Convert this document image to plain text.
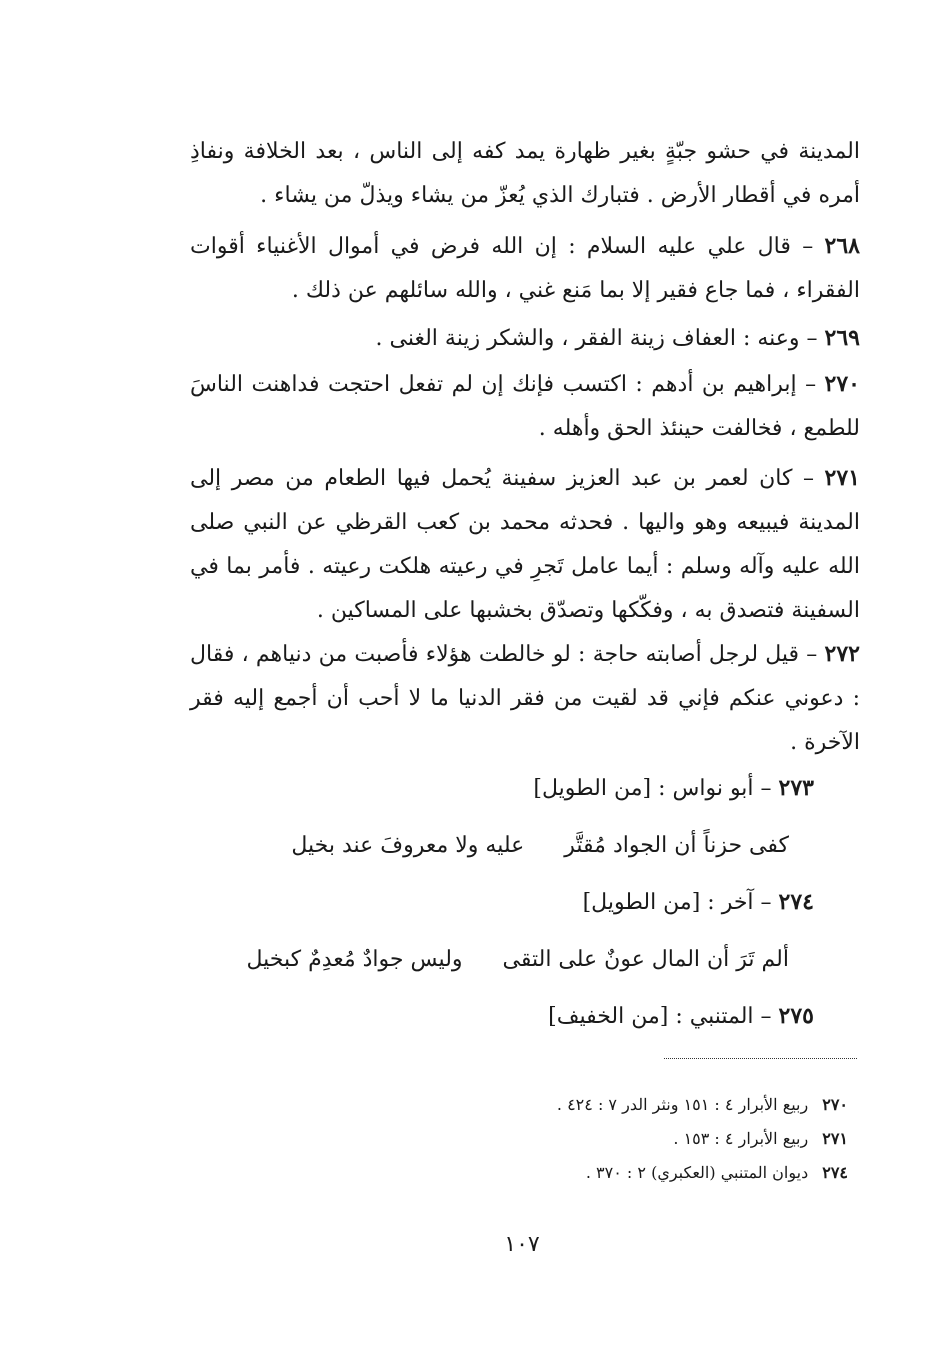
المدينة في حشو جبّةٍ بغير ظهارة يمد كفه إلى الناس ، بعد الخلافة ونفاذِ أمره في أقطار الأرض . فتبارك الذي يُعزّ من يشاء ويذلّ من يشاء .

٢٦٨ – قال علي عليه السلام : إن الله فرض في أموال الأغنياء أقوات الفقراء ، فما جاع فقير إلا بما مَنع غني ، والله سائلهم عن ذلك .

٢٦٩ – وعنه : العفاف زينة الفقر ، والشكر زينة الغنى .

٢٧٠ – إبراهيم بن أدهم : اكتسب فإنك إن لم تفعل احتجت فداهنت الناسَ للطمع ، فخالفت حينئذ الحق وأهله .

٢٧١ – كان لعمر بن عبد العزيز سفينة يُحمل فيها الطعام من مصر إلى المدينة فيبيعه وهو واليها . فحدثه محمد بن كعب القرظي عن النبي صلى الله عليه وآله وسلم : أيما عامل تَجرِ في رعيته هلكت رعيته . فأمر بما في السفينة فتصدق به ، وفكّكها وتصدّق بخشبها على المساكين .

٢٧٢ – قيل لرجل أصابته حاجة : لو خالطت هؤلاء فأصبت من دنياهم ، فقال : دعوني عنكم فإني قد لقيت من فقر الدنيا ما لا أحب أن أجمع إليه فقر الآخرة .

٢٧٣ – أبو نواس : [من الطويل]
كفى حزناً أن الجواد مُقتَّرعليه ولا معروفَ عند بخيل
٢٧٤ – آخر : [من الطويل]
ألم تَرَ أن المال عونٌ على التقىوليس جوادٌ مُعدِمٌ كبخيل
٢٧٥ – المتنبي : [من الخفيف]
٢٧٠ربيع الأبرار ٤ : ١٥١ ونثر الدر ٧ : ٤٢٤ .
٢٧١ربيع الأبرار ٤ : ١٥٣ .
٢٧٤ديوان المتنبي (العكبري) ٢ : ٣٧٠ .
١٠٧
